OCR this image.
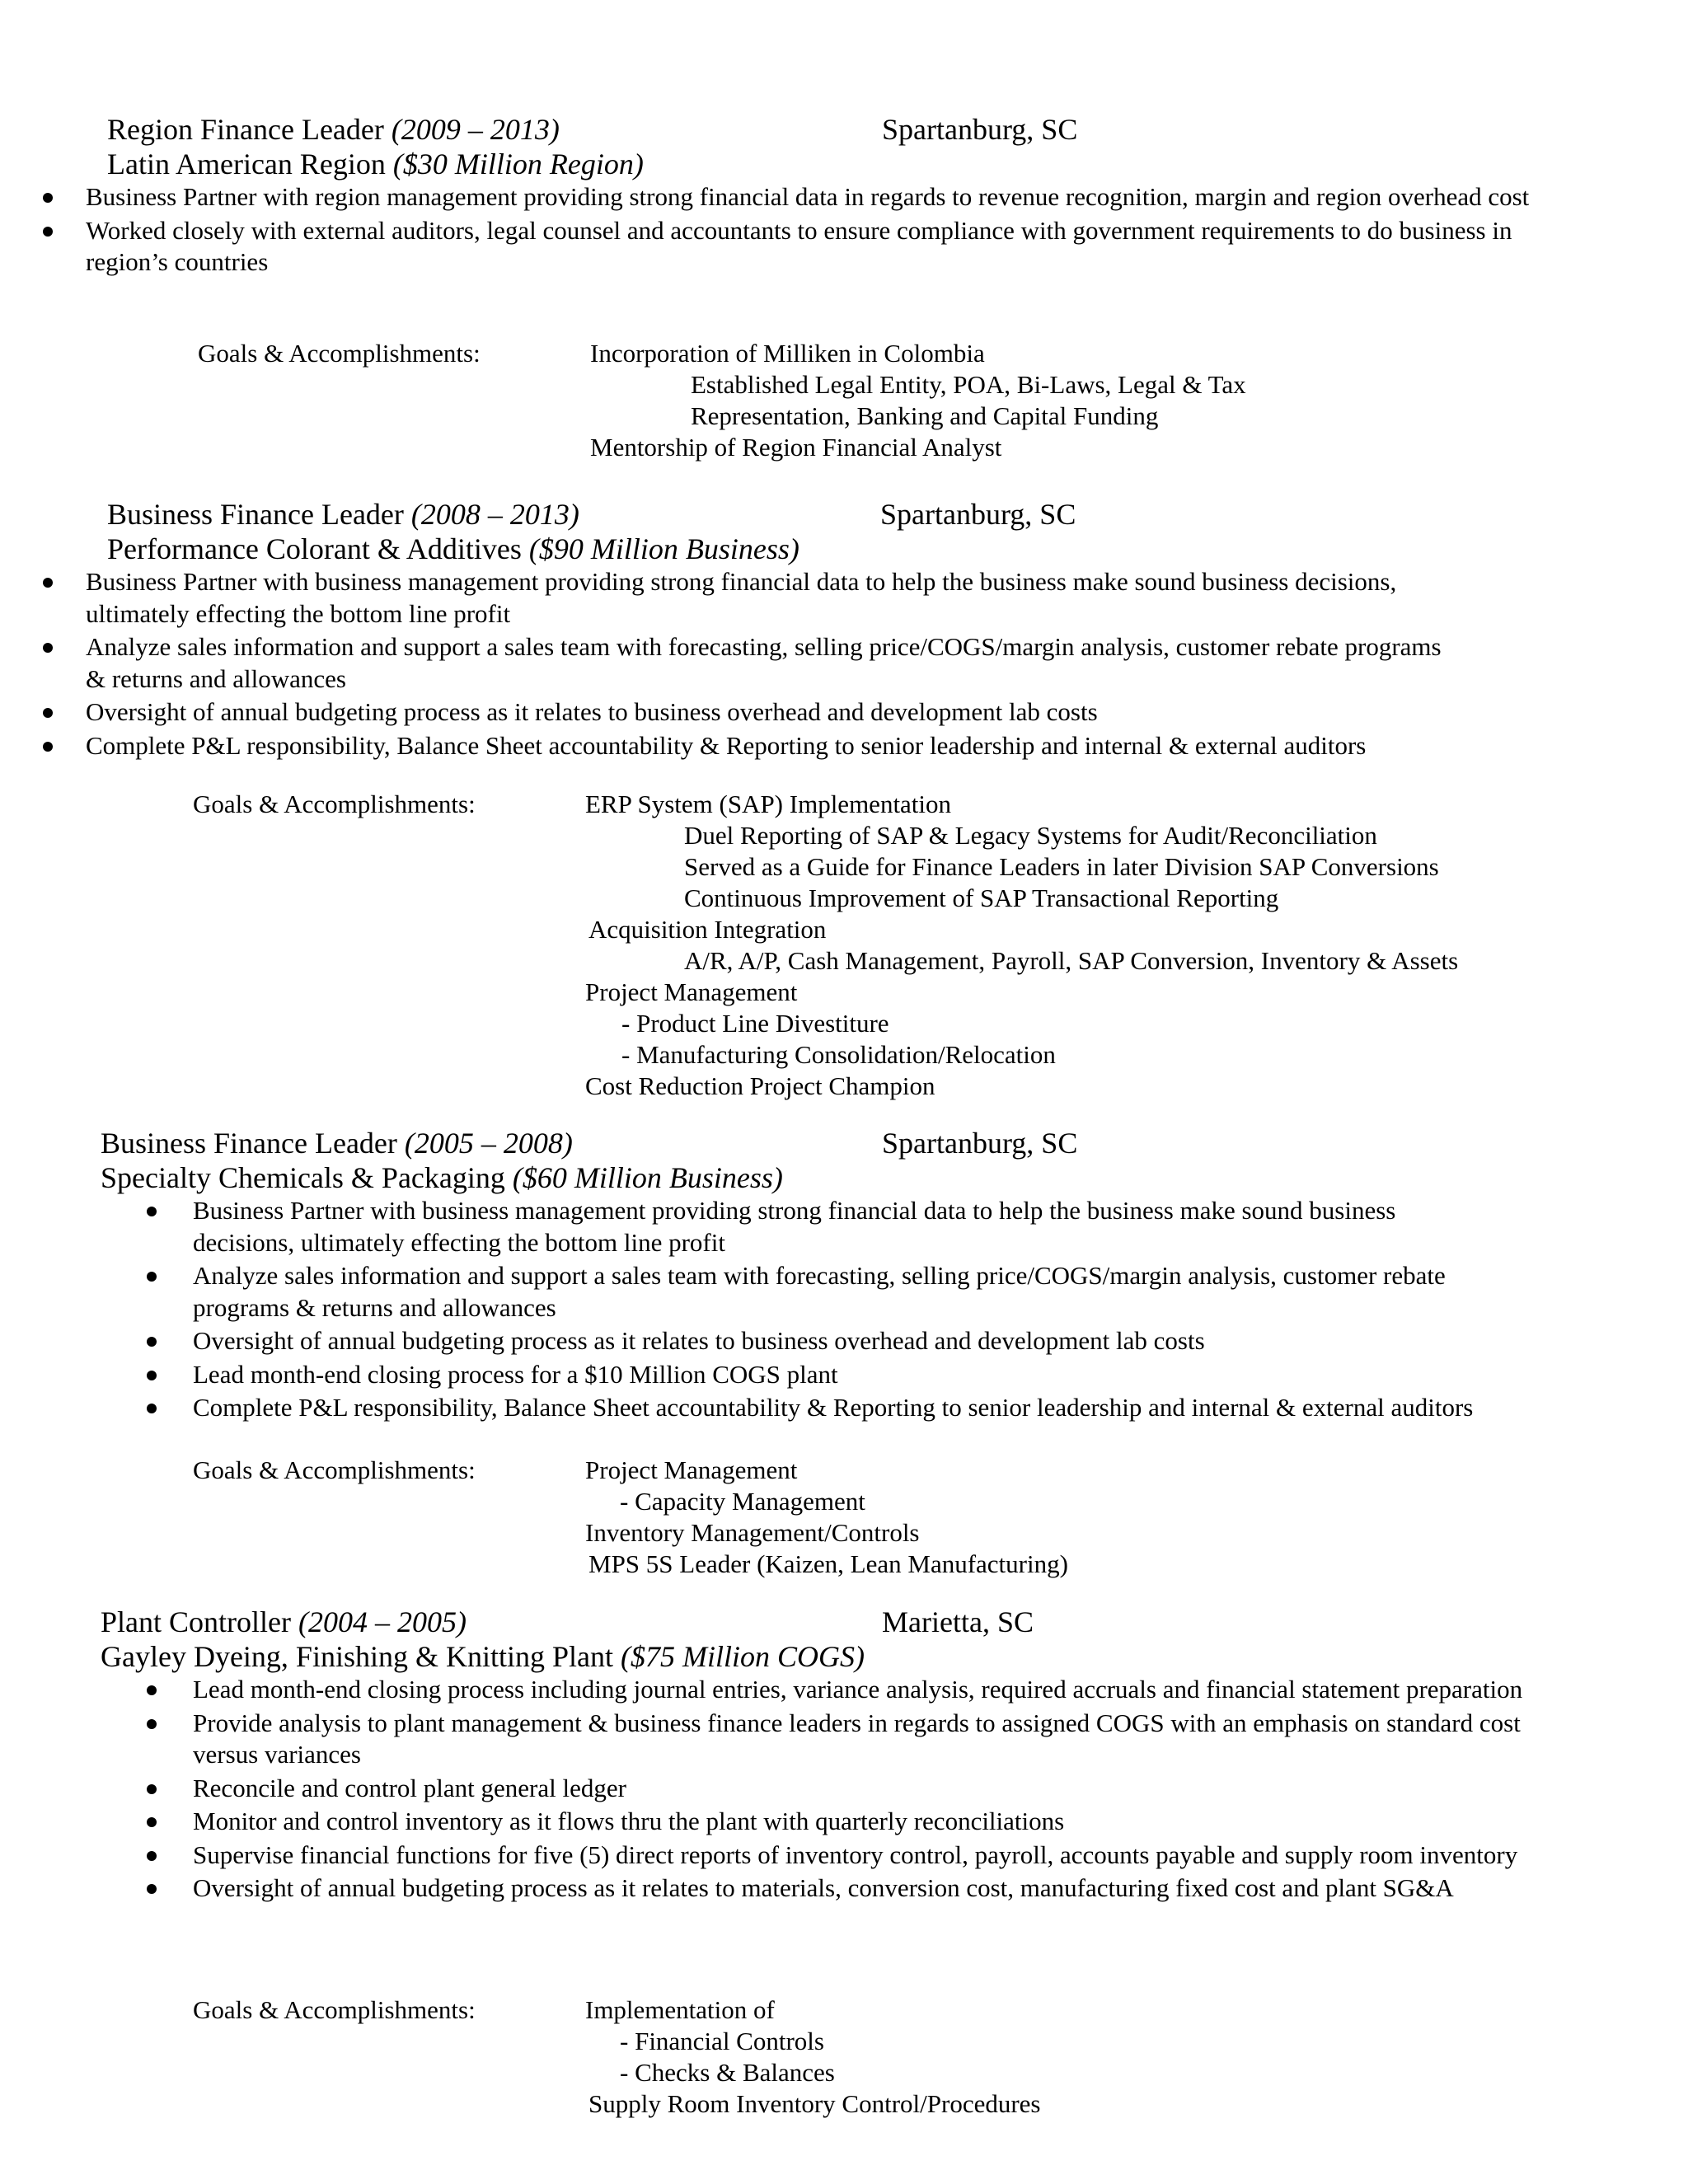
Region Finance Leader (2009 – 2013)	Spartanburg, SC
Latin American Region ($30 Million Region)
Business Partner with region management providing strong financial data in regards to revenue recognition, margin and region overhead cost
Worked closely with external auditors, legal counsel and accountants to ensure compliance with government requirements to do business in region’s countries
Goals & Accomplishments:	Incorporation of Milliken in Colombia
Established Legal Entity, POA, Bi-Laws, Legal & Tax
Representation, Banking and Capital Funding
Mentorship of Region Financial Analyst
Business Finance Leader (2008 – 2013)	Spartanburg, SC
Performance Colorant & Additives ($90 Million Business)
Business Partner with business management providing strong financial data to help the business make sound business decisions, ultimately effecting the bottom line profit
Analyze sales information and support a sales team with forecasting, selling price/COGS/margin analysis, customer rebate programs & returns and allowances
Oversight of annual budgeting process as it relates to business overhead and development lab costs
Complete P&L responsibility, Balance Sheet accountability & Reporting to senior leadership and internal & external auditors
Goals & Accomplishments:	ERP System (SAP) Implementation
Duel Reporting of SAP & Legacy Systems for Audit/Reconciliation
Served as a Guide for Finance Leaders in later Division SAP Conversions
Continuous Improvement of SAP Transactional Reporting
Acquisition Integration
A/R, A/P, Cash Management, Payroll, SAP Conversion, Inventory & Assets
Project Management
- Product Line Divestiture
- Manufacturing Consolidation/Relocation
Cost Reduction Project Champion
Business Finance Leader (2005 – 2008)	Spartanburg, SC
Specialty Chemicals & Packaging ($60 Million Business)
Business Partner with business management providing strong financial data to help the business make sound business decisions, ultimately effecting the bottom line profit
Analyze sales information and support a sales team with forecasting, selling price/COGS/margin analysis, customer rebate programs & returns and allowances
Oversight of annual budgeting process as it relates to business overhead and development lab costs
Lead month-end closing process for a $10 Million COGS plant
Complete P&L responsibility, Balance Sheet accountability & Reporting to senior leadership and internal & external auditors
Goals & Accomplishments:	Project Management
- Capacity Management
Inventory Management/Controls
MPS 5S Leader (Kaizen, Lean Manufacturing)
Plant Controller (2004 – 2005)	Marietta, SC
Gayley Dyeing, Finishing & Knitting Plant ($75 Million COGS)
Lead month-end closing process including journal entries, variance analysis, required accruals and financial statement preparation
Provide analysis to plant management & business finance leaders in regards to assigned COGS with an emphasis on standard cost versus variances
Reconcile and control plant general ledger
Monitor and control inventory as it flows thru the plant with quarterly reconciliations
Supervise financial functions for five (5) direct reports of inventory control, payroll, accounts payable and supply room inventory
Oversight of annual budgeting process as it relates to materials, conversion cost, manufacturing fixed cost and plant SG&A
Goals & Accomplishments:	Implementation of
- Financial Controls
- Checks & Balances
Supply Room Inventory Control/Procedures
